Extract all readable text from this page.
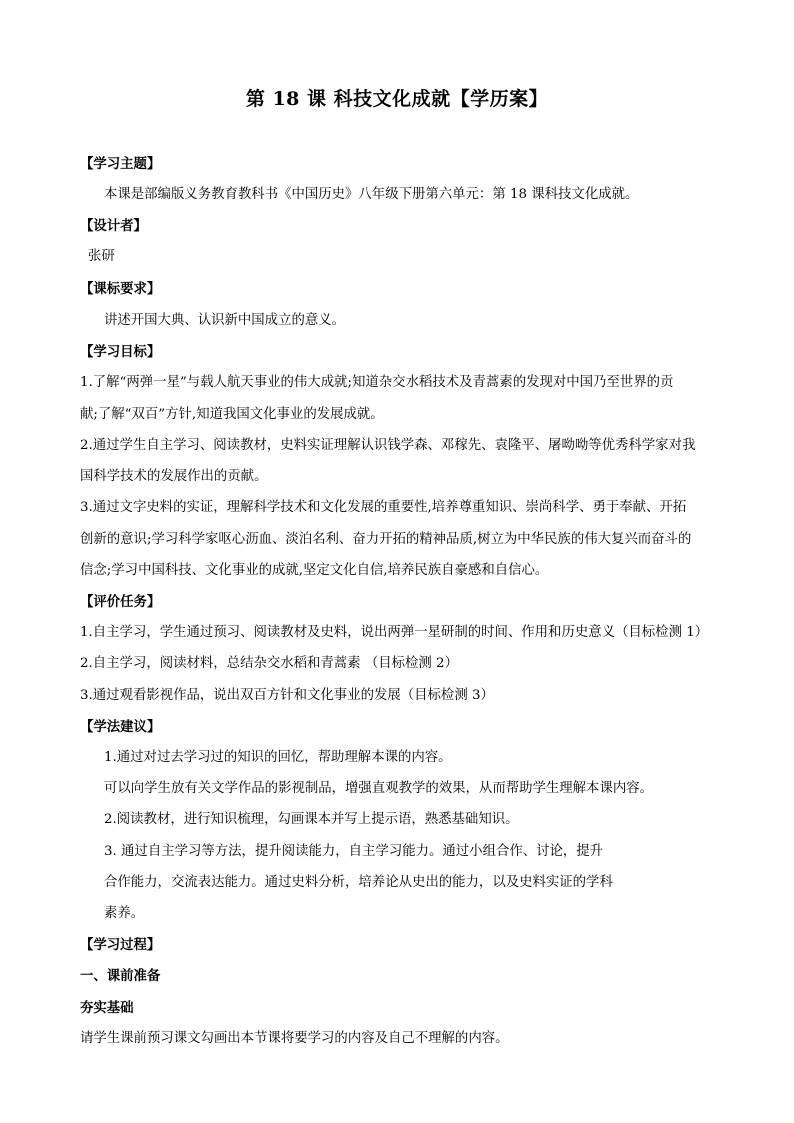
第 18 课 科技文化成就【学历案】
【学习主题】
本课是部编版义务教育教科书《中国历史》八年级下册第六单元：第 18 课科技文化成就。
【设计者】
张研
【课标要求】
讲述开国大典、认识新中国成立的意义。
【学习目标】
1.了解“两弹一星”与载人航天事业的伟大成就;知道杂交水稻技术及青蒿素的发现对中国乃至世界的贡
献;了解“双百”方针,知道我国文化事业的发展成就。
2.通过学生自主学习、阅读教材，史料实证理解认识钱学森、邓稼先、袁隆平、屠呦呦等优秀科学家对我
国科学技术的发展作出的贡献。
3.通过文字史料的实证，理解科学技术和文化发展的重要性,培养尊重知识、崇尚科学、勇于奉献、开拓
创新的意识;学习科学家呕心沥血、淡泊名利、奋力开拓的精神品质,树立为中华民族的伟大复兴而奋斗的
信念;学习中国科技、文化事业的成就,坚定文化自信,培养民族自豪感和自信心。
【评价任务】
1.自主学习，学生通过预习、阅读教材及史料，说出两弹一星研制的时间、作用和历史意义（目标检测 1）
2.自主学习，阅读材料，总结杂交水稻和青蒿素 （目标检测 2）
3.通过观看影视作品，说出双百方针和文化事业的发展（目标检测 3）
【学法建议】
1.通过对过去学习过的知识的回忆，帮助理解本课的内容。
可以向学生放有关文学作品的影视制品，增强直观教学的效果，从而帮助学生理解本课内容。
2.阅读教材，进行知识梳理，勾画课本并写上提示语，熟悉基础知识。
3. 通过自主学习等方法，提升阅读能力，自主学习能力。通过小组合作、讨论，提升
合作能力，交流表达能力。通过史料分析，培养论从史出的能力，以及史料实证的学科
素养。
【学习过程】
一、课前准备
夯实基础
请学生课前预习课文勾画出本节课将要学习的内容及自己不理解的内容。
